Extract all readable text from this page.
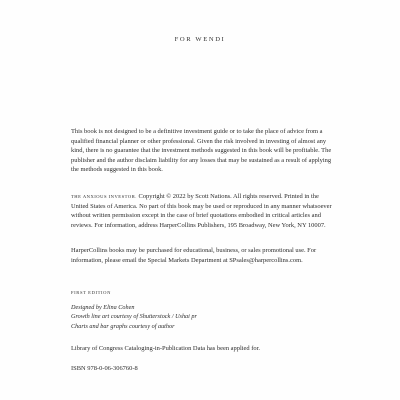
FOR WENDI

This book is not designed to be a definitive investment guide or to take the place of advice from a qualified financial planner or other professional. Given the risk involved in investing of almost any kind, there is no guarantee that the investment methods suggested in this book will be profitable. The publisher and the author disclaim liability for any losses that may be sustained as a result of applying the methods suggested in this book.

THE ANXIOUS INVESTOR. Copyright © 2022 by Scott Nations. All rights reserved. Printed in the United States of America. No part of this book may be used or reproduced in any manner whatsoever without written permission except in the case of brief quotations embodied in critical articles and reviews. For information, address HarperCollins Publishers, 195 Broadway, New York, NY 10007.

HarperCollins books may be purchased for educational, business, or sales promotional use. For information, please email the Special Markets Department at SPsales@harpercollins.com.

FIRST EDITION
Designed by Elina Cohen
Growth line art courtesy of Shutterstock / Ushai pr
Charts and bar graphs courtesy of author

Library of Congress Cataloging-in-Publication Data has been applied for.

ISBN 978-0-06-306760-8
